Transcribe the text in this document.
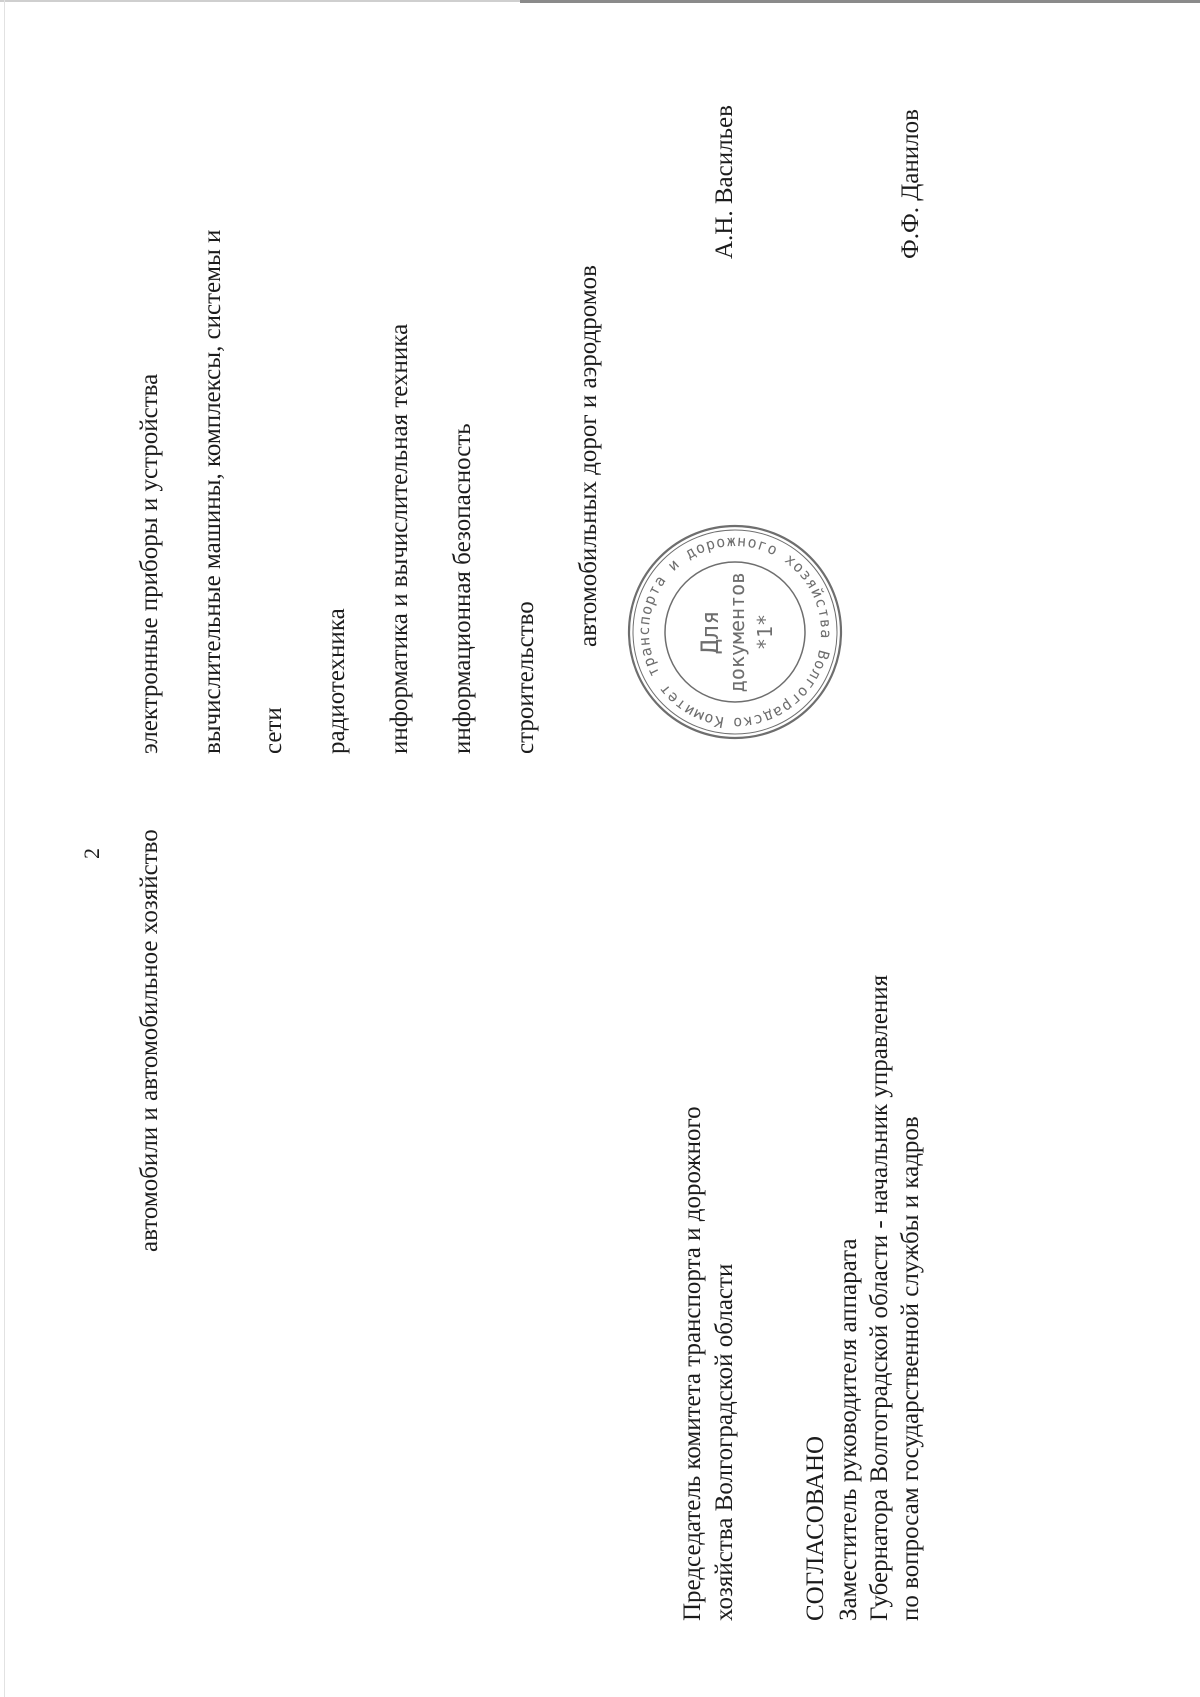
2 автомобили и автомобильное хозяйство
электронные приборы и устройства вычислительные машины, комплексы, системы и сети радиотехника информатика и вычислительная техника информационная безопасность строительство
автомобильных дорог и аэродромов
Председатель комитета транспорта и дорожного хозяйства Волгоградской области
А.Н. Васильев
СОГЛАСОВАНО Заместитель руководителя аппарата Губернатора Волгоградской области - начальник управления по вопросам государственной службы и кадров
Ф.Ф. Данилов
Комитет транспорта и дорожного хозяйства Волгоградско
Для документов *1*
